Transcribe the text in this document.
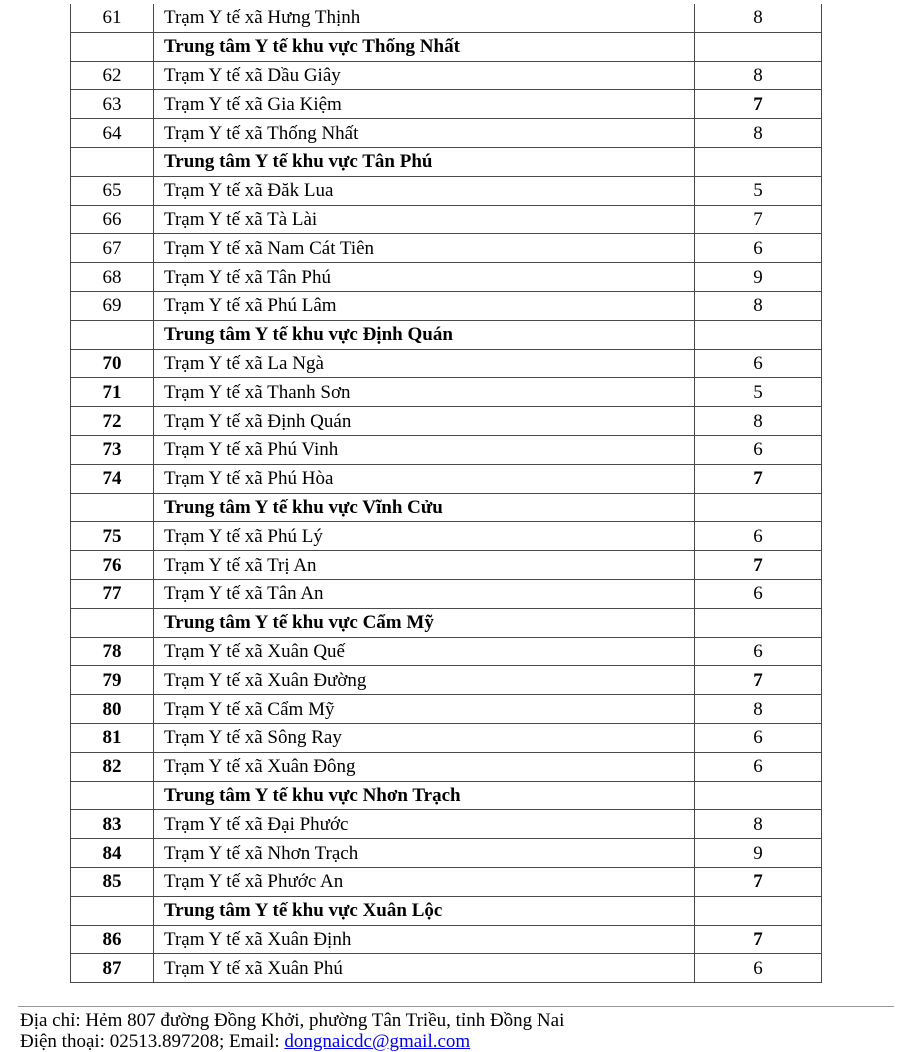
61	Trạm Y tế xã Hưng Thịnh	8
	Trung tâm Y tế khu vực Thống Nhất	
62	Trạm Y tế xã Dầu Giây	8
63	Trạm Y tế xã Gia Kiệm	7
64	Trạm Y tế xã Thống Nhất	8
	Trung tâm Y tế khu vực Tân Phú	
65	Trạm Y tế xã Đăk Lua	5
66	Trạm Y tế xã Tà Lài	7
67	Trạm Y tế xã Nam Cát Tiên	6
68	Trạm Y tế xã Tân Phú	9
69	Trạm Y tế xã Phú Lâm	8
	Trung tâm Y tế khu vực Định Quán	
70	Trạm Y tế xã La Ngà	6
71	Trạm Y tế xã Thanh Sơn	5
72	Trạm Y tế xã Định Quán	8
73	Trạm Y tế xã Phú Vinh	6
74	Trạm Y tế xã Phú Hòa	7
	Trung tâm Y tế khu vực Vĩnh Cửu	
75	Trạm Y tế xã Phú Lý	6
76	Trạm Y tế xã Trị An	7
77	Trạm Y tế xã Tân An	6
	Trung tâm Y tế khu vực Cẩm Mỹ	
78	Trạm Y tế xã Xuân Quế	6
79	Trạm Y tế xã Xuân Đường	7
80	Trạm Y tế xã Cẩm Mỹ	8
81	Trạm Y tế xã Sông Ray	6
82	Trạm Y tế xã Xuân Đông	6
	Trung tâm Y tế khu vực Nhơn Trạch	
83	Trạm Y tế xã Đại Phước	8
84	Trạm Y tế xã Nhơn Trạch	9
85	Trạm Y tế xã Phước An	7
	Trung tâm Y tế khu vực Xuân Lộc	
86	Trạm Y tế xã Xuân Định	7
87	Trạm Y tế xã Xuân Phú	6
Địa chỉ: Hẻm 807 đường Đồng Khởi, phường Tân Triều, tỉnh Đồng Nai
Điện thoại: 02513.897208; Email: dongnaicdc@gmail.com
